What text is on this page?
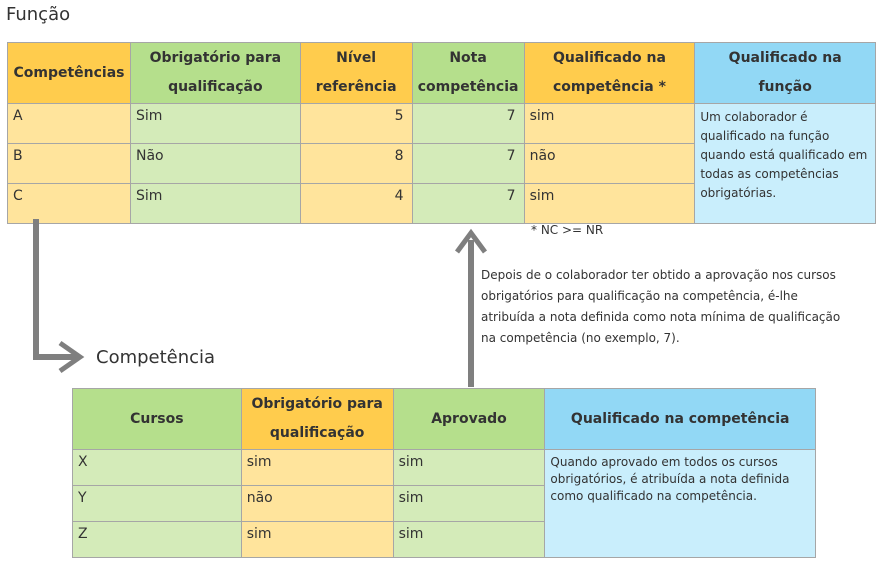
Função
Competências	Obrigatório para qualificação	Nível referência	Nota competência	Qualificado na competência *	Qualificado na função
A	Sim	5	7	sim	Um colaborador é qualificado na função quando está qualificado em todas as competências obrigatórias.
B	Não	8	7	não	
C	Sim	4	7	sim	
* NC >= NR
Depois de o colaborador ter obtido a aprovação nos cursos obrigatórios para qualificação na competência, é-lhe atribuída a nota definida como nota mínima de qualificação na competência (no exemplo, 7).
Competência
Cursos	Obrigatório para qualificação	Aprovado	Qualificado na competência
X	sim	sim	Quando aprovado em todos os cursos obrigatórios, é atribuída a nota definida como qualificado na competência.
Y	não	sim	
Z	sim	sim	
